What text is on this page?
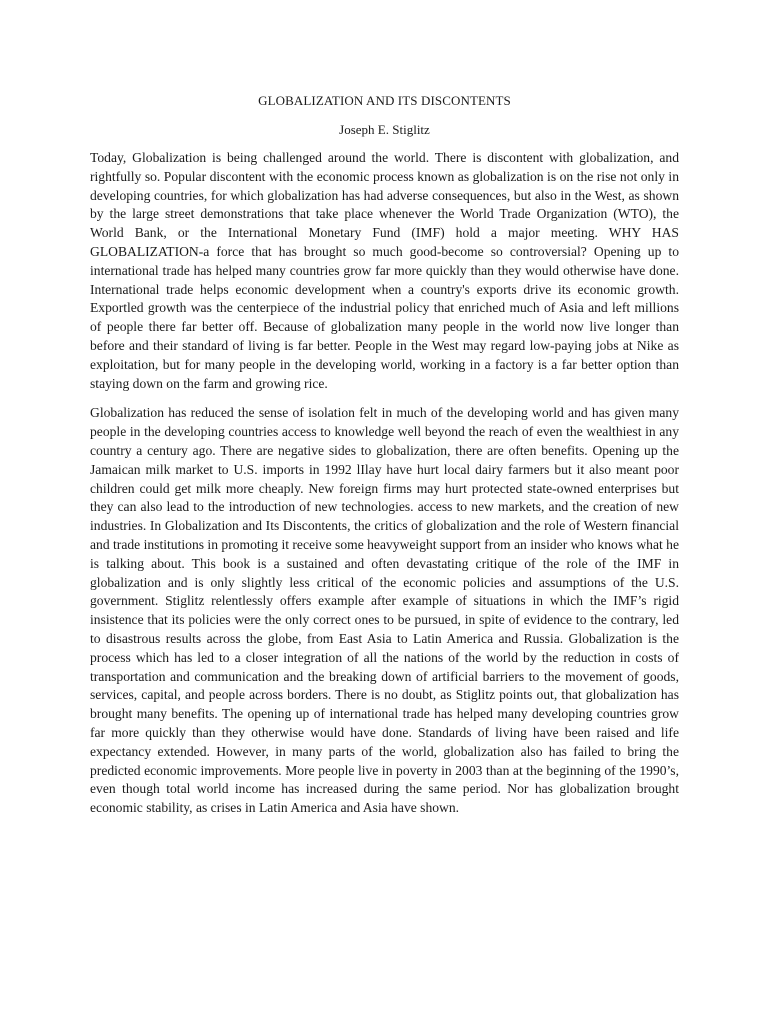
GLOBALIZATION AND ITS DISCONTENTS
Joseph E. Stiglitz

Today, Globalization is being challenged around the world. There is discontent with globalization, and rightfully so. Popular discontent with the economic process known as globalization is on the rise not only in developing countries, for which globalization has had adverse consequences, but also in the West, as shown by the large street demonstrations that take place whenever the World Trade Organization (WTO), the World Bank, or the International Monetary Fund (IMF) hold a major meeting. WHY HAS GLOBALIZATION-a force that has brought so much good-become so controversial? Opening up to international trade has helped many countries grow far more quickly than they would otherwise have done. International trade helps economic development when a country's exports drive its economic growth. Exportled growth was the centerpiece of the industrial policy that enriched much of Asia and left millions of people there far better off. Because of globalization many people in the world now live longer than before and their standard of living is far better. People in the West may regard low-paying jobs at Nike as exploitation, but for many people in the developing world, working in a factory is a far better option than staying down on the farm and growing rice.

Globalization has reduced the sense of isolation felt in much of the developing world and has given many people in the developing countries access to knowledge well beyond the reach of even the wealthiest in any country a century ago. There are negative sides to globalization, there are often benefits. Opening up the Jamaican milk market to U.S. imports in 1992 lIlay have hurt local dairy farmers but it also meant poor children could get milk more cheaply. New foreign firms may hurt protected state-owned enterprises but they can also lead to the introduction of new technologies. access to new markets, and the creation of new industries. In Globalization and Its Discontents, the critics of globalization and the role of Western financial and trade institutions in promoting it receive some heavyweight support from an insider who knows what he is talking about. This book is a sustained and often devastating critique of the role of the IMF in globalization and is only slightly less critical of the economic policies and assumptions of the U.S. government. Stiglitz relentlessly offers example after example of situations in which the IMF’s rigid insistence that its policies were the only correct ones to be pursued, in spite of evidence to the contrary, led to disastrous results across the globe, from East Asia to Latin America and Russia. Globalization is the process which has led to a closer integration of all the nations of the world by the reduction in costs of transportation and communication and the breaking down of artificial barriers to the movement of goods, services, capital, and people across borders. There is no doubt, as Stiglitz points out, that globalization has brought many benefits. The opening up of international trade has helped many developing countries grow far more quickly than they otherwise would have done. Standards of living have been raised and life expectancy extended. However, in many parts of the world, globalization also has failed to bring the predicted economic improvements. More people live in poverty in 2003 than at the beginning of the 1990’s, even though total world income has increased during the same period. Nor has globalization brought economic stability, as crises in Latin America and Asia have shown.
